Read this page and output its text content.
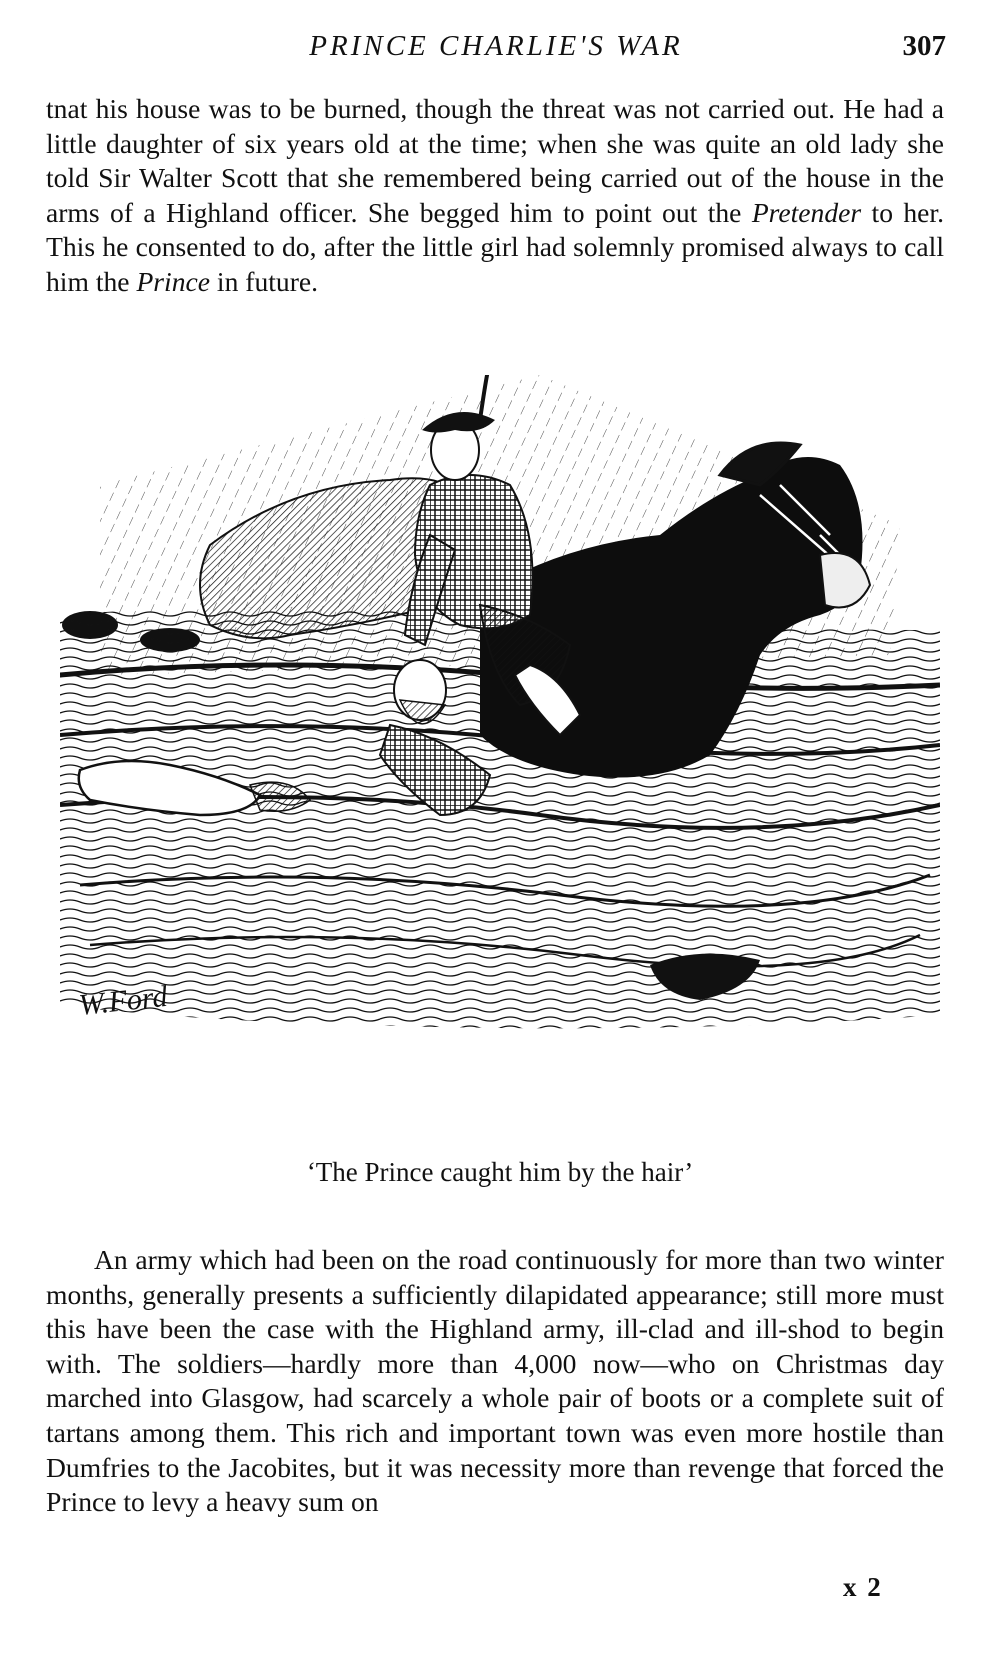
PRINCE CHARLIE'S WAR	307

tnat his house was to be burned, though the threat was not carried out. He had a little daughter of six years old at the time; when she was quite an old lady she told Sir Walter Scott that she remembered being carried out of the house in the arms of a Highland officer. She begged him to point out the Pretender to her. This he consented to do, after the little girl had solemnly promised always to call him the Prince in future.

W.Ford
‘The Prince caught him by the hair’

An army which had been on the road continuously for more than two winter months, generally presents a sufficiently dilapidated appearance; still more must this have been the case with the Highland army, ill-clad and ill-shod to begin with. The soldiers—hardly more than 4,000 now—who on Christmas day marched into Glasgow, had scarcely a whole pair of boots or a complete suit of tartans among them. This rich and important town was even more hostile than Dumfries to the Jacobites, but it was necessity more than revenge that forced the Prince to levy a heavy sum on

x 2
